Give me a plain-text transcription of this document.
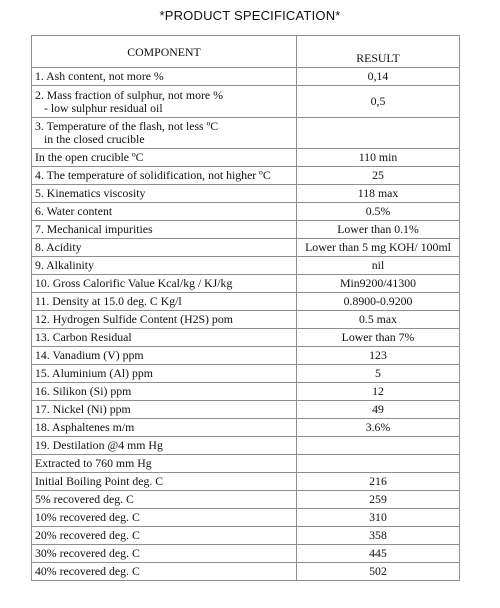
*PRODUCT SPECIFICATION*
COMPONENT	RESULT
1. Ash content, not more %	0,14
2. Mass fraction of sulphur, not more %
- low sulphur residual oil	0,5
3. Temperature of the flash, not less ºC
in the closed crucible	

In the open crucible ºC	110 min
4. The temperature of solidification, not higher ºC	25
5. Kinematics viscosity	118 max
6. Water content	0.5%
7. Mechanical impurities	Lower than 0.1%
8. Acidity	Lower than 5 mg KOH/ 100ml
9. Alkalinity	nil
10. Gross Calorific Value Kcal/kg / KJ/kg	Min9200/41300
11. Density at 15.0 deg. C Kg/l	0.8900-0.9200
12. Hydrogen Sulfide Content (H2S) pom	0.5 max
13. Carbon Residual	Lower than 7%
14. Vanadium (V) ppm	123
15. Aluminium (Al) ppm	5
16. Silikon (Si) ppm	12
17. Nickel (Ni) ppm	49
18. Asphaltenes m/m	3.6%
19. Destilation @4 mm Hg	
Extracted to 760 mm Hg	
Initial Boiling Point deg. C	216
5% recovered deg. C	259
10% recovered deg. C	310
20% recovered deg. C	358
30% recovered deg. C	445
40% recovered deg. C	502
